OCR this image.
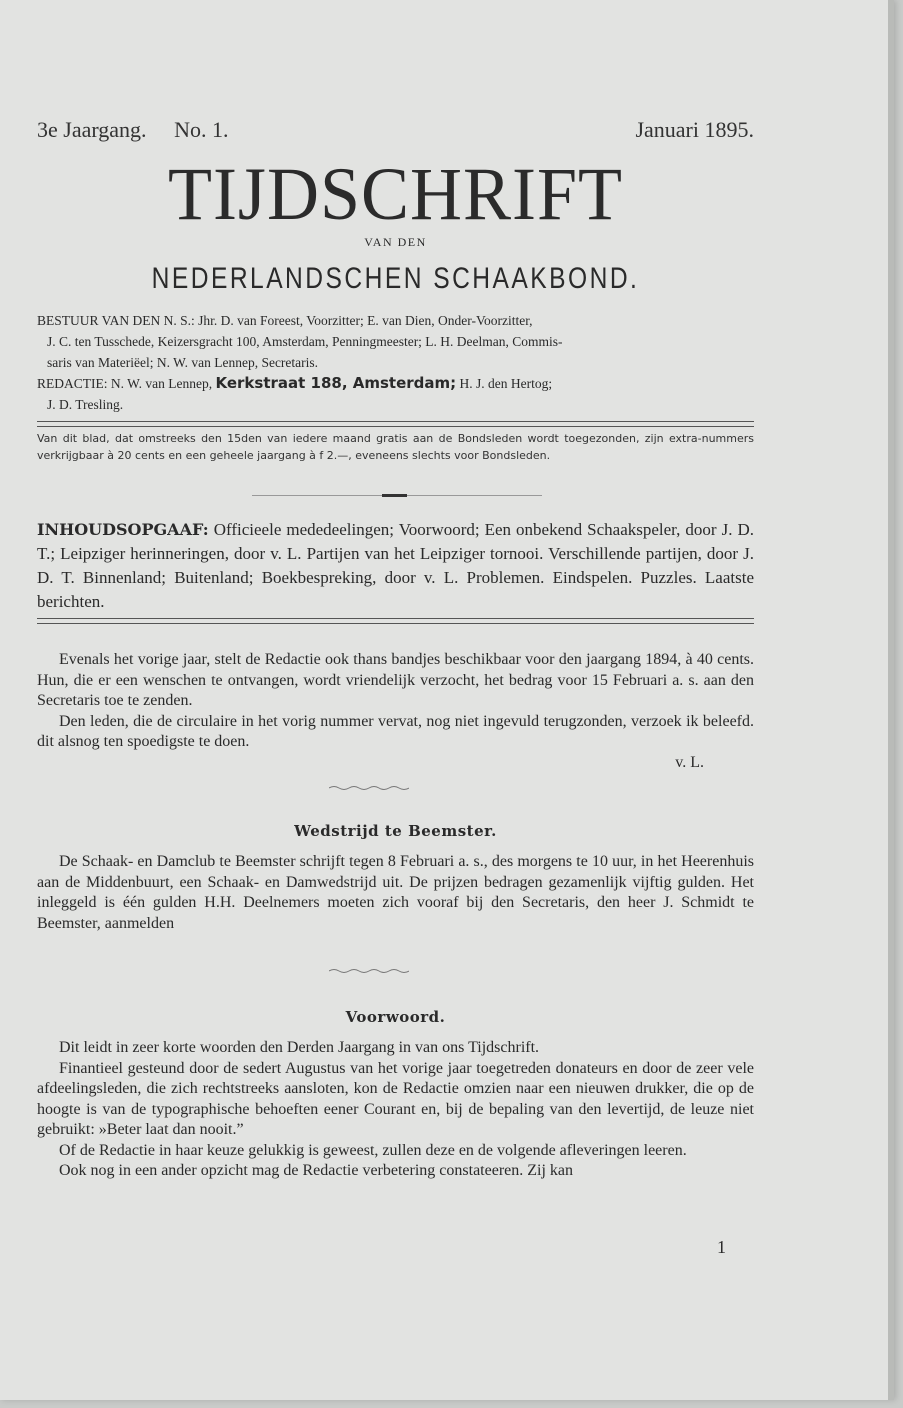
3e Jaargang. No. 1.	Januari 1895.
TIJDSCHRIFT
VAN DEN
NEDERLANDSCHEN SCHAAKBOND.
BESTUUR VAN DEN N. S.: Jhr. D. van Foreest, Voorzitter; E. van Dien, Onder-Voorzitter,
J. C. ten Tusschede, Keizersgracht 100, Amsterdam, Penningmeester; L. H. Deelman, Commis-
saris van Materiëel; N. W. van Lennep, Secretaris.
REDACTIE: N. W. van Lennep, Kerkstraat 188, Amsterdam; H. J. den Hertog;
J. D. Tresling.
Van dit blad, dat omstreeks den 15den van iedere maand gratis aan de Bondsleden wordt toegezonden, zijn extra-nummers verkrijgbaar à 20 cents en een geheele jaargang à f 2.—, eveneens slechts voor Bondsleden.
INHOUDSOPGAAF: Officieele mededeelingen; Voorwoord; Een onbekend Schaakspeler, door J. D. T.; Leipziger herinneringen, door v. L. Partijen van het Leipziger tornooi. Verschillende partijen, door J. D. T. Binnenland; Buitenland; Boekbespreking, door v. L. Problemen. Eindspelen. Puzzles. Laatste berichten.

Evenals het vorige jaar, stelt de Redactie ook thans bandjes beschikbaar voor den jaargang 1894, à 40 cents. Hun, die er een wenschen te ontvangen, wordt vriendelijk verzocht, het bedrag voor 15 Februari a. s. aan den Secretaris toe te zenden.

Den leden, die de circulaire in het vorig nummer vervat, nog niet ingevuld terugzonden, verzoek ik beleefd. dit alsnog ten spoedigste te doen.

v. L.
Wedstrijd te Beemster.

De Schaak- en Damclub te Beemster schrijft tegen 8 Februari a. s., des morgens te 10 uur, in het Heerenhuis aan de Middenbuurt, een Schaak- en Damwedstrijd uit. De prijzen bedragen gezamenlijk vijftig gulden. Het inleggeld is één gulden H.H. Deelnemers moeten zich vooraf bij den Secretaris, den heer J. Schmidt te Beemster, aanmelden

Voorwoord.

Dit leidt in zeer korte woorden den Derden Jaargang in van ons Tijdschrift.

Finantieel gesteund door de sedert Augustus van het vorige jaar toegetreden donateurs en door de zeer vele afdeelingsleden, die zich rechtstreeks aansloten, kon de Redactie omzien naar een nieuwen drukker, die op de hoogte is van de typographische behoeften eener Courant en, bij de bepaling van den levertijd, de leuze niet gebruikt: »Beter laat dan nooit.”

Of de Redactie in haar keuze gelukkig is geweest, zullen deze en de volgende afleveringen leeren.

Ook nog in een ander opzicht mag de Redactie verbetering constateeren. Zij kan

1
